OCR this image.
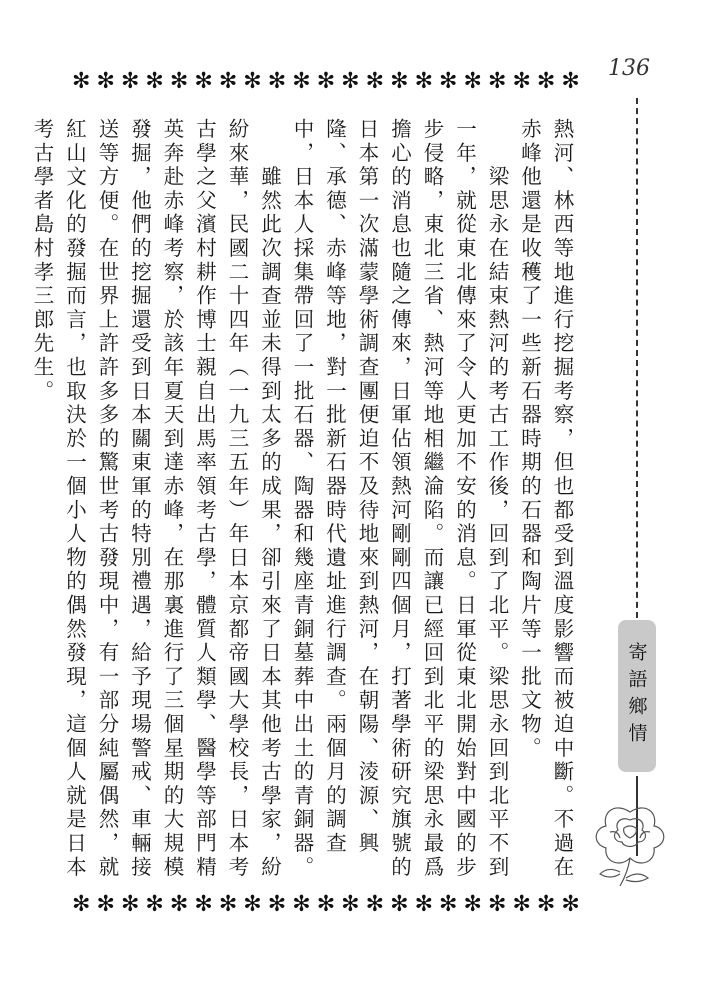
136
✻ ✻ ✻ ✻ ✻ ✻ ✻ ✻ ✻ ✻ ✻ ✻ ✻ ✻ ✻ ✻ ✻ ✻ ✻ ✻ ✻
寄語鄉情

熱河、林西等地進行挖掘考察，但也都受到溫度影響而被迫中斷。不過在赤峰他還是收穫了一些新石器時期的石器和陶片等一批文物。

　　梁思永在結束熱河的考古工作後，回到了北平。梁思永回到北平不到一年，就從東北傳來了令人更加不安的消息。日軍從東北開始對中國的步步侵略，東北三省、熱河等地相繼淪陷。而讓已經回到北平的梁思永最爲擔心的消息也隨之傳來，日軍佔領熱河剛剛四個月，打著學術研究旗號的日本第一次滿蒙學術調查團便迫不及待地來到熱河，在朝陽、淩源、興隆、承德、赤峰等地，對一批新石器時代遺址進行調查。兩個月的調查中，日本人採集帶回了一批石器、陶器和幾座青銅墓葬中出土的青銅器。

　　雖然此次調查並未得到太多的成果，卻引來了日本其他考古學家，紛紛來華，民國二十四年（一九三五年）年日本京都帝國大學校長，日本考古學之父濱村耕作博士親自出馬率領考古學，體質人類學、醫學等部門精英奔赴赤峰考察，於該年夏天到達赤峰，在那裏進行了三個星期的大規模發掘，他們的挖掘還受到日本關東軍的特別禮遇，給予現場警戒、車輛接送等方便。在世界上許許多多的驚世考古發現中，有一部分純屬偶然，就紅山文化的發掘而言，也取決於一個小人物的偶然發現，這個人就是日本考古學者島村孝三郎先生。

✻ ✻ ✻ ✻ ✻ ✻ ✻ ✻ ✻ ✻ ✻ ✻ ✻ ✻ ✻ ✻ ✻ ✻ ✻ ✻ ✻
